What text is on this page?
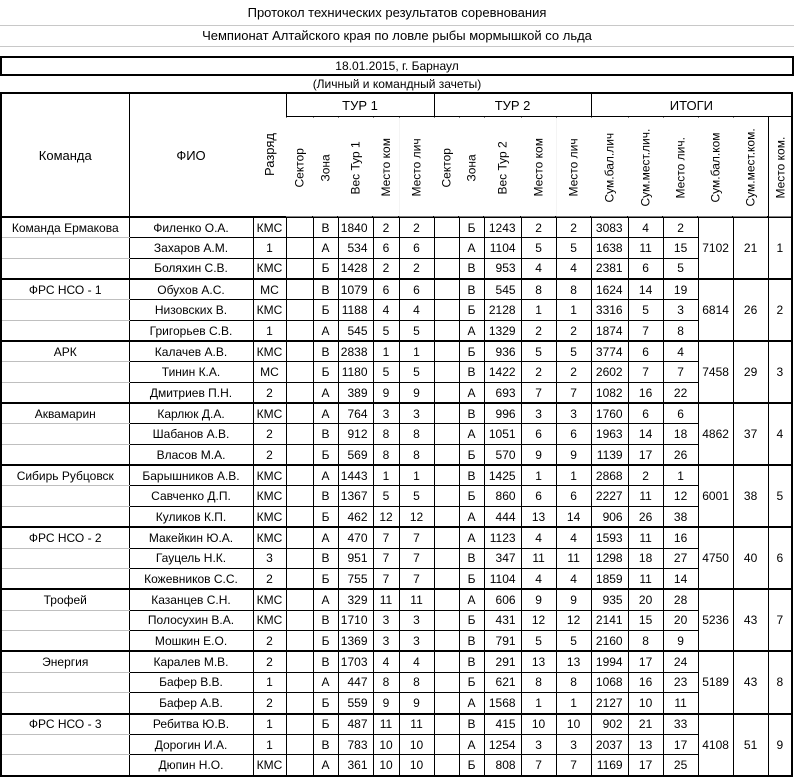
Протокол технических результатов соревнования
Чемпионат Алтайского края по ловле рыбы мормышкой со льда
18.01.2015, г. Барнаул
(Личный и командный зачеты)
Команда	ФИО	Разряд	ТУР 1					ТУР 2					ИТОГИ					
			Сектор	Зона	Вес Тур 1	Место ком	Место лич	Сектор	Зона	Вес Тур 2	Место ком	Место лич	Сум.бал.лич	Сум.мест.лич.	Место лич.	Сум.бал.ком	Сум.мест.ком.	Место ком.
Команда Ермакова	Филенко О.А.	КМС		В	1840	2	2		Б	1243	2	2	3083	4	2	7102	21	1
	Захаров А.М.	1		А	534	6	6		А	1104	5	5	1638	11	15			
	Боляхин С.В.	КМС		Б	1428	2	2		В	953	4	4	2381	6	5			
ФРС НСО - 1	Обухов А.С.	МС		В	1079	6	6		В	545	8	8	1624	14	19	6814	26	2
	Низовских В.	КМС		Б	1188	4	4		Б	2128	1	1	3316	5	3			
	Григорьев С.В.	1		А	545	5	5		А	1329	2	2	1874	7	8			
АРК	Калачев А.В.	КМС		В	2838	1	1		Б	936	5	5	3774	6	4	7458	29	3
	Тинин К.А.	МС		Б	1180	5	5		В	1422	2	2	2602	7	7			
	Дмитриев П.Н.	2		А	389	9	9		А	693	7	7	1082	16	22			
Аквамарин	Карлюк Д.А.	КМС		А	764	3	3		В	996	3	3	1760	6	6	4862	37	4
	Шабанов А.В.	2		В	912	8	8		А	1051	6	6	1963	14	18			
	Власов М.А.	2		Б	569	8	8		Б	570	9	9	1139	17	26			
Сибирь Рубцовск	Барышников А.В.	КМС		А	1443	1	1		В	1425	1	1	2868	2	1	6001	38	5
	Савченко Д.П.	КМС		В	1367	5	5		Б	860	6	6	2227	11	12			
	Куликов К.П.	КМС		Б	462	12	12		А	444	13	14	906	26	38			
ФРС НСО - 2	Макейкин Ю.А.	КМС		А	470	7	7		А	1123	4	4	1593	11	16	4750	40	6
	Гауцель Н.К.	3		В	951	7	7		В	347	11	11	1298	18	27			
	Кожевников С.С.	2		Б	755	7	7		Б	1104	4	4	1859	11	14			
Трофей	Казанцев С.Н.	КМС		А	329	11	11		А	606	9	9	935	20	28	5236	43	7
	Полосухин В.А.	КМС		В	1710	3	3		Б	431	12	12	2141	15	20			
	Мошкин Е.О.	2		Б	1369	3	3		В	791	5	5	2160	8	9			
Энергия	Каралев М.В.	2		В	1703	4	4		В	291	13	13	1994	17	24	5189	43	8
	Бафер В.В.	1		А	447	8	8		Б	621	8	8	1068	16	23			
	Бафер А.В.	2		Б	559	9	9		А	1568	1	1	2127	10	11			
ФРС НСО - 3	Ребитва Ю.В.	1		Б	487	11	11		В	415	10	10	902	21	33	4108	51	9
	Дорогин И.А.	1		В	783	10	10		А	1254	3	3	2037	13	17			
	Дюпин Н.О.	КМС		А	361	10	10		Б	808	7	7	1169	17	25			
